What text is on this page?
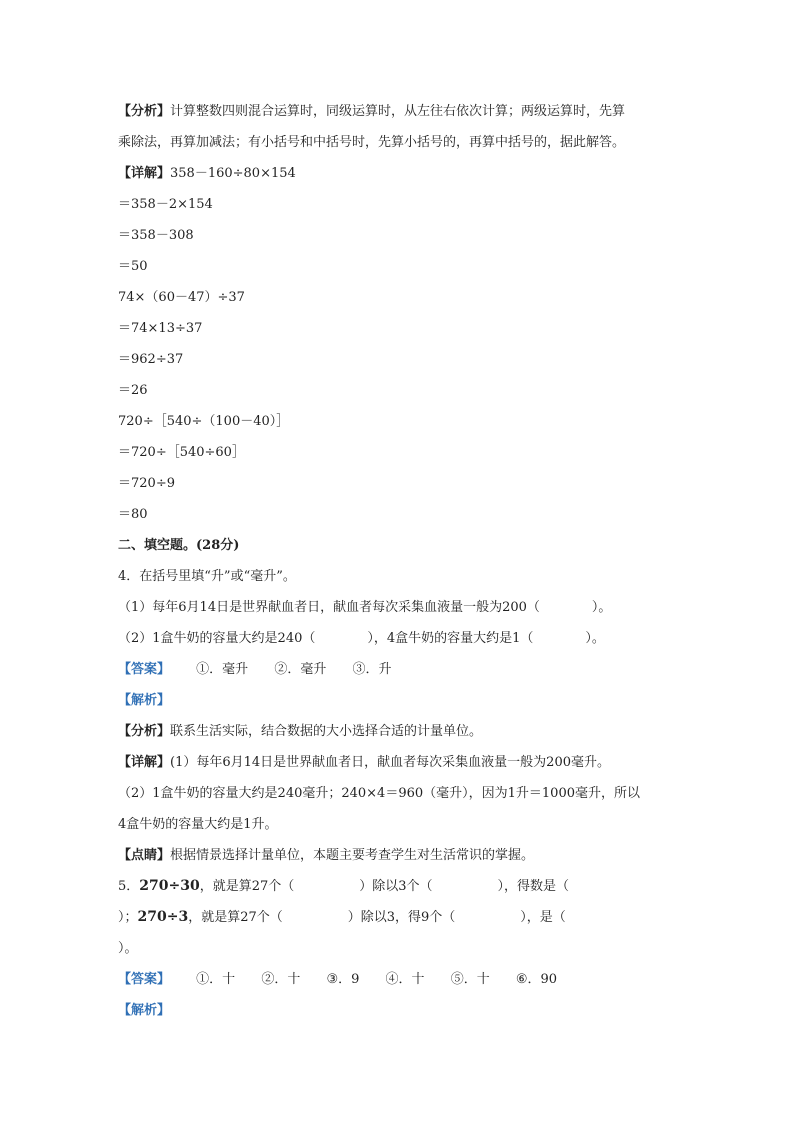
【分析】计算整数四则混合运算时，同级运算时，从左往右依次计算；两级运算时，先算
乘除法，再算加减法；有小括号和中括号时，先算小括号的，再算中括号的，据此解答。
【详解】358－160÷80×154
＝358－2×154
＝358－308
＝50
74×（60－47）÷37
＝74×13÷37
＝962÷37
＝26
720÷［540÷（100－40）］
＝720÷［540÷60］
＝720÷9
＝80
二、填空题。(28分)
4．在括号里填“升”或“毫升”。
（1）每年6月14日是世界献血者日，献血者每次采集血液量一般为200（　　　　）。
（2）1盒牛奶的容量大约是240（　　　　），4盒牛奶的容量大约是1（　　　　）。
【答案】 ①．毫升 ②．毫升 ③．升
【解析】
【分析】联系生活实际，结合数据的大小选择合适的计量单位。
【详解】(1）每年6月14日是世界献血者日，献血者每次采集血液量一般为200毫升。
（2）1盒牛奶的容量大约是240毫升；240×4＝960（毫升），因为1升＝1000毫升，所以
4盒牛奶的容量大约是1升。
【点睛】根据情景选择计量单位，本题主要考查学生对生活常识的掌握。
5．270÷30，就是算27个（　　　　　）除以3个（　　　　　），得数是（
）；270÷3，就是算27个（　　　　　）除以3，得9个（　　　　　），是（
）。
【答案】 ①．十 ②．十 ③．9 ④．十 ⑤．十 ⑥．90
【解析】
